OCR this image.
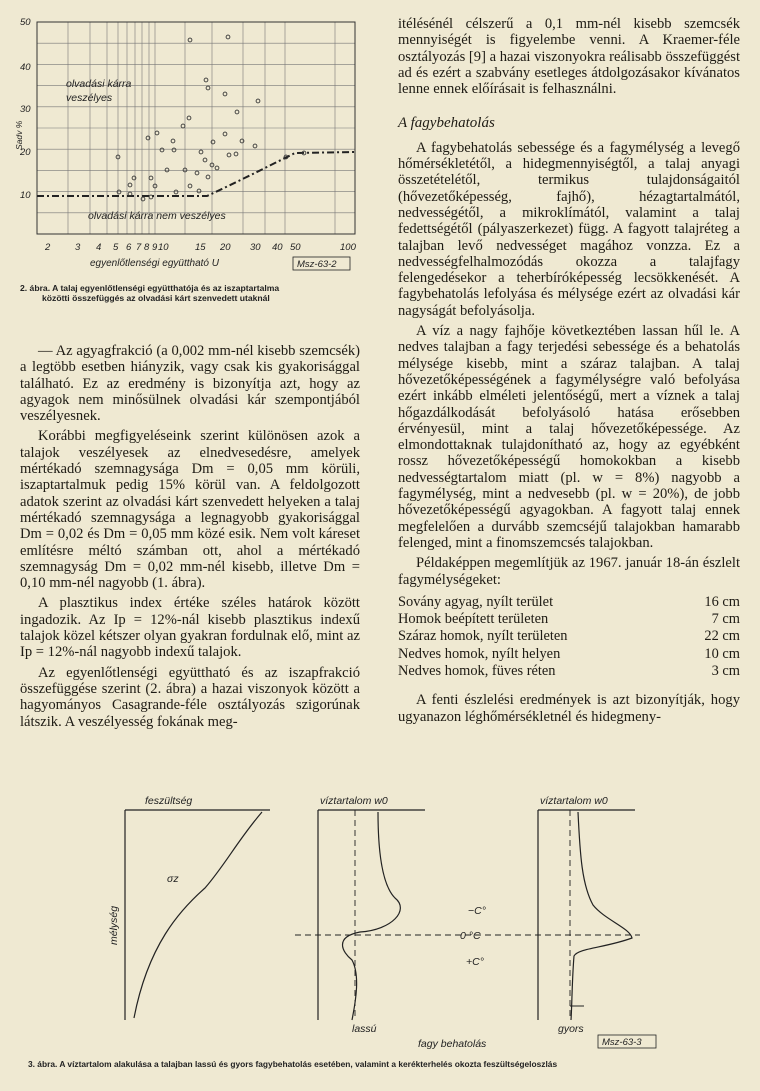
50
40
30
20
10
Sadv %
2	3 4 5 6 7 8 9 10	15 20 30 40 50	100
egyenlőtlenségi együttható U	Msz-63-2
olvadási kárra
veszélyes
olvadási kárra nem veszélyes
2. ábra. A talaj egyenlőtlenségi együtthatója és az iszaptartalma
közötti összefüggés az olvadási kárt szenvedett utaknál

— Az agyagfrakció (a 0,002 mm-nél kisebb szemcsék) a legtöbb esetben hiányzik, vagy csak kis gyakorisággal található. Ez az eredmény is bizonyítja azt, hogy az agyagok nem minősülnek olvadási kár szempontjából veszélyesnek.

Korábbi megfigyeléseink szerint különösen azok a talajok veszélyesek az elnedvesedésre, amelyek mértékadó szemnagysága Dm = 0,05 mm körüli, iszaptartalmuk pedig 15% körül van. A feldolgozott adatok szerint az olvadási kárt szenvedett helyeken a talaj mértékadó szemnagysága a legnagyobb gyakorisággal Dm = 0,02 és Dm = 0,05 mm közé esik. Nem volt káreset említésre méltó számban ott, ahol a mértékadó szemnagyság Dm = 0,02 mm-nél kisebb, illetve Dm = 0,10 mm-nél nagyobb (1. ábra).

A plasztikus index értéke széles határok között ingadozik. Az Ip = 12%-nál kisebb plasztikus indexű talajok közel kétszer olyan gyakran fordulnak elő, mint az Ip = 12%-nál nagyobb indexű talajok.

Az egyenlőtlenségi együttható és az iszapfrakció összefüggése szerint (2. ábra) a hazai viszonyok között a hagyományos Casagrande-féle osztályozás szigorúnak látszik. A veszélyesség fokának meg-

itélésénél célszerű a 0,1 mm-nél kisebb szemcsék mennyiségét is figyelembe venni. A Kraemer-féle osztályozás [9] a hazai viszonyokra reálisabb összefüggést ad és ezért a szabvány esetleges átdolgozásakor kívánatos lenne ennek előírásait is felhasználni.

A fagybehatolás

A fagybehatolás sebessége és a fagymélység a levegő hőmérsékletétől, a hidegmennyiségtől, a talaj anyagi összetételétől, termikus tulajdonságaitól (hővezetőképesség, fajhő), hézagtartalmától, nedvességétől, a mikroklímától, valamint a talaj fedettségétől (pályaszerkezet) függ. A fagyott talajréteg a talajban levő nedvességet magához vonzza. Ez a nedvességfelhalmozódás okozza a talajfagy felengedésekor a teherbíróképesség lecsökkenését. A fagybehatolás lefolyása és mélysége ezért az olvadási kár nagyságát befolyásolja.

A víz a nagy fajhője következtében lassan hűl le. A nedves talajban a fagy terjedési sebessége és a behatolás mélysége kisebb, mint a száraz talajban. A talaj hővezetőképességének a fagymélységre való befolyása ezért inkább elméleti jelentőségű, mert a víznek a talaj hőgazdálkodását befolyásoló hatása erősebben érvényesül, mint a talaj hővezetőképessége. Az elmondottaknak tulajdonítható az, hogy az egyébként rossz hővezetőképességű homokokban a kisebb nedvességtartalom miatt (pl. w = 8%) nagyobb a fagymélység, mint a nedvesebb (pl. w = 20%), de jobb hővezetőképességű agyagokban. A fagyott talaj ennek megfelelően a durvább szemcséjű talajokban hamarabb felenged, mint a finomszemcsés talajokban.

Példaképpen megemlítjük az 1967. január 18-án észlelt fagymélységeket:

Sovány agyag, nyílt terület	16 cm
Homok beépített területen	7 cm
Száraz homok, nyílt területen	22 cm
Nedves homok, nyílt helyen	10 cm
Nedves homok, füves réten	3 cm

A fenti észlelési eredmények is azt bizonyítják, hogy ugyanazon léghőmérsékletnél és hidegmeny-

feszültség
σz
mélység
víztartalom w0	víztartalom w0
−C°
0 °C
+C°
lassú	gyors
fagy behatolás	Msz-63-3
3. ábra. A víztartalom alakulása a talajban lassú és gyors fagybehatolás esetében, valamint a kerékterhelés okozta feszültségeloszlás
